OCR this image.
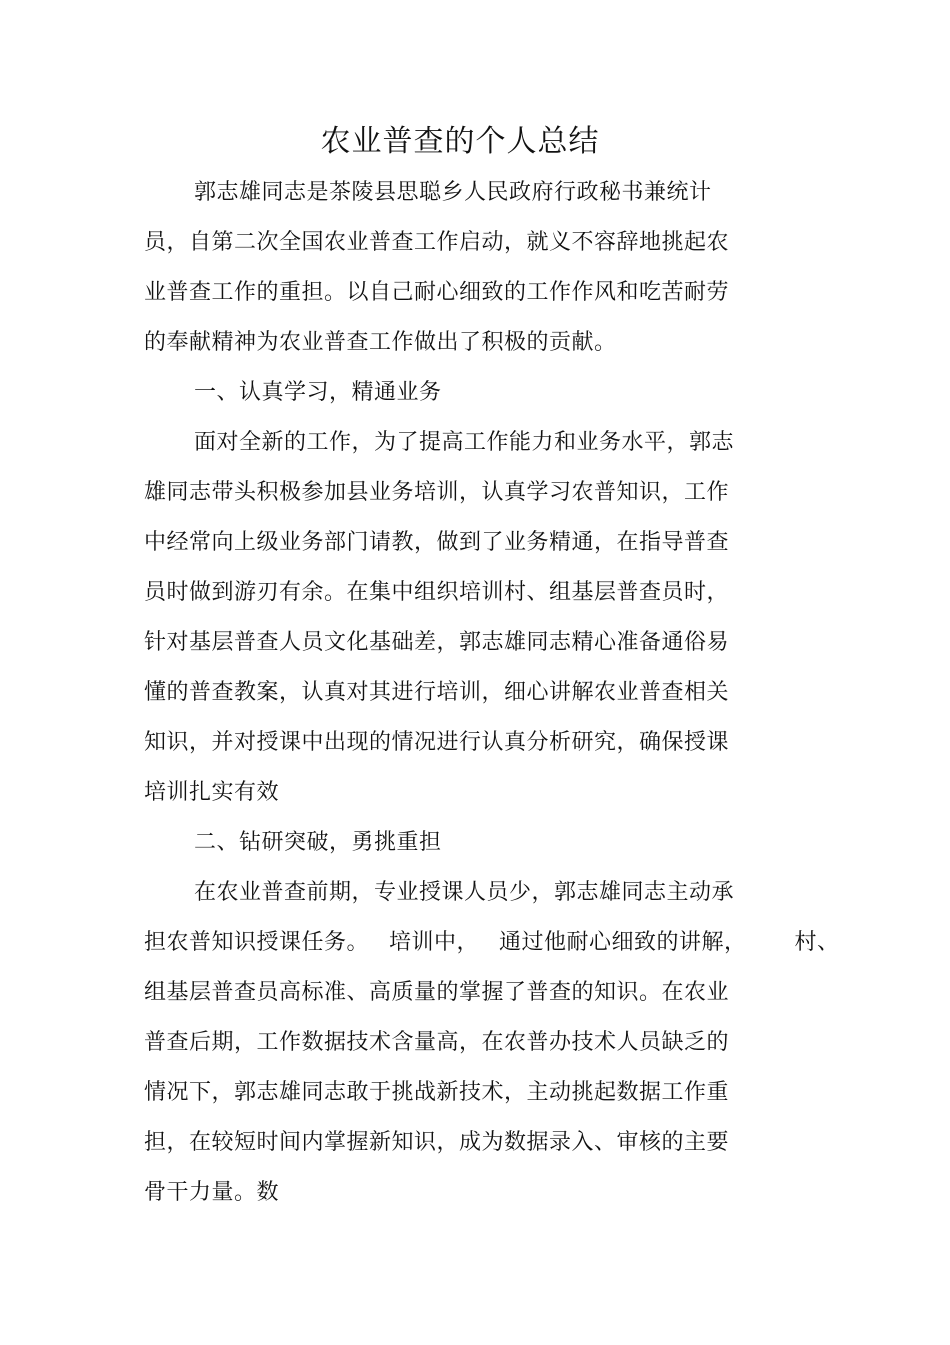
农业普查的个人总结
郭志雄同志是茶陵县思聪乡人民政府行政秘书兼统计
员，自第二次全国农业普查工作启动，就义不容辞地挑起农
业普查工作的重担。以自己耐心细致的工作作风和吃苦耐劳
的奉献精神为农业普查工作做出了积极的贡献。
一、认真学习，精通业务
面对全新的工作，为了提高工作能力和业务水平，郭志
雄同志带头积极参加县业务培训，认真学习农普知识，工作
中经常向上级业务部门请教，做到了业务精通，在指导普查
员时做到游刃有余。在集中组织培训村、组基层普查员时，
针对基层普查人员文化基础差，郭志雄同志精心准备通俗易
懂的普查教案，认真对其进行培训，细心讲解农业普查相关
知识，并对授课中出现的情况进行认真分析研究，确保授课
培训扎实有效
二、钻研突破，勇挑重担
在农业普查前期，专业授课人员少，郭志雄同志主动承
担农普知识授课任务。 培训中， 通过他耐心细致的讲解， 村、
组基层普查员高标准、高质量的掌握了普查的知识。在农业
普查后期，工作数据技术含量高，在农普办技术人员缺乏的
情况下，郭志雄同志敢于挑战新技术，主动挑起数据工作重
担，在较短时间内掌握新知识，成为数据录入、审核的主要
骨干力量。数
